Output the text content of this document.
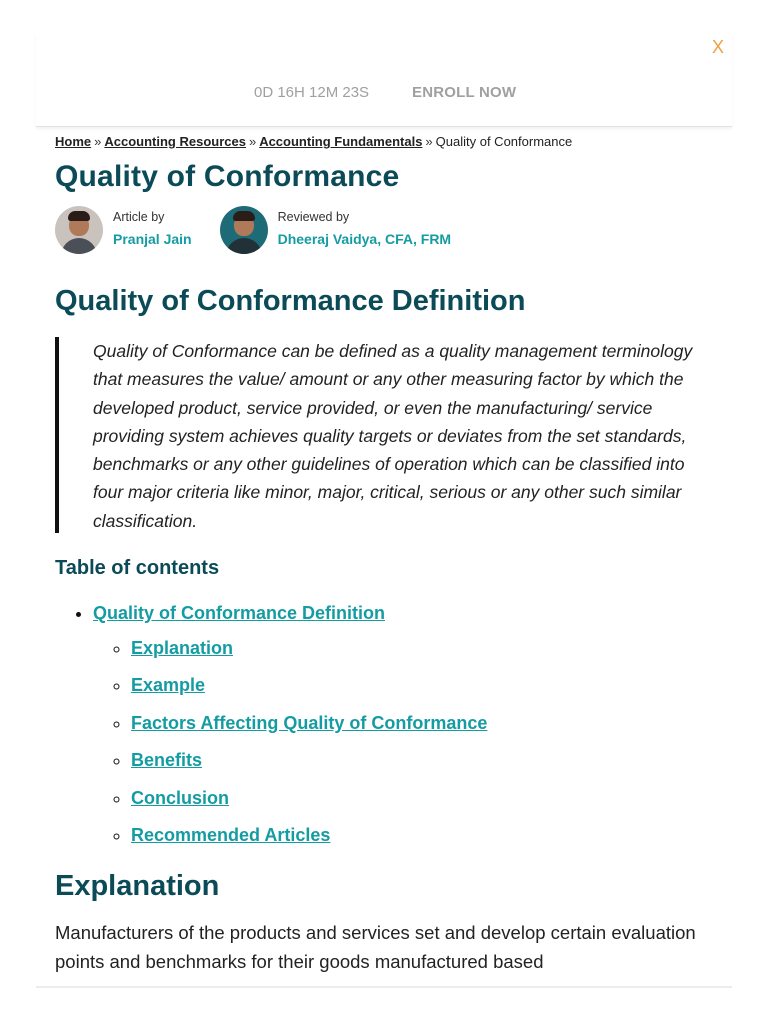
X
0D 16H 12M 23S	ENROLL NOW
Home » Accounting Resources » Accounting Fundamentals » Quality of Conformance
Quality of Conformance
Article by
Pranjal Jain
Reviewed by
Dheeraj Vaidya, CFA, FRM
Quality of Conformance Definition
Quality of Conformance can be defined as a quality management terminology that measures the value/ amount or any other measuring factor by which the developed product, service provided, or even the manufacturing/ service providing system achieves quality targets or deviates from the set standards, benchmarks or any other guidelines of operation which can be classified into four major criteria like minor, major, critical, serious or any other such similar classification.
Table of contents
• Quality of Conformance Definition
◦ Explanation
◦ Example
◦ Factors Affecting Quality of Conformance
◦ Benefits
◦ Conclusion
◦ Recommended Articles
Explanation

Manufacturers of the products and services set and develop certain evaluation points and benchmarks for their goods manufactured based
